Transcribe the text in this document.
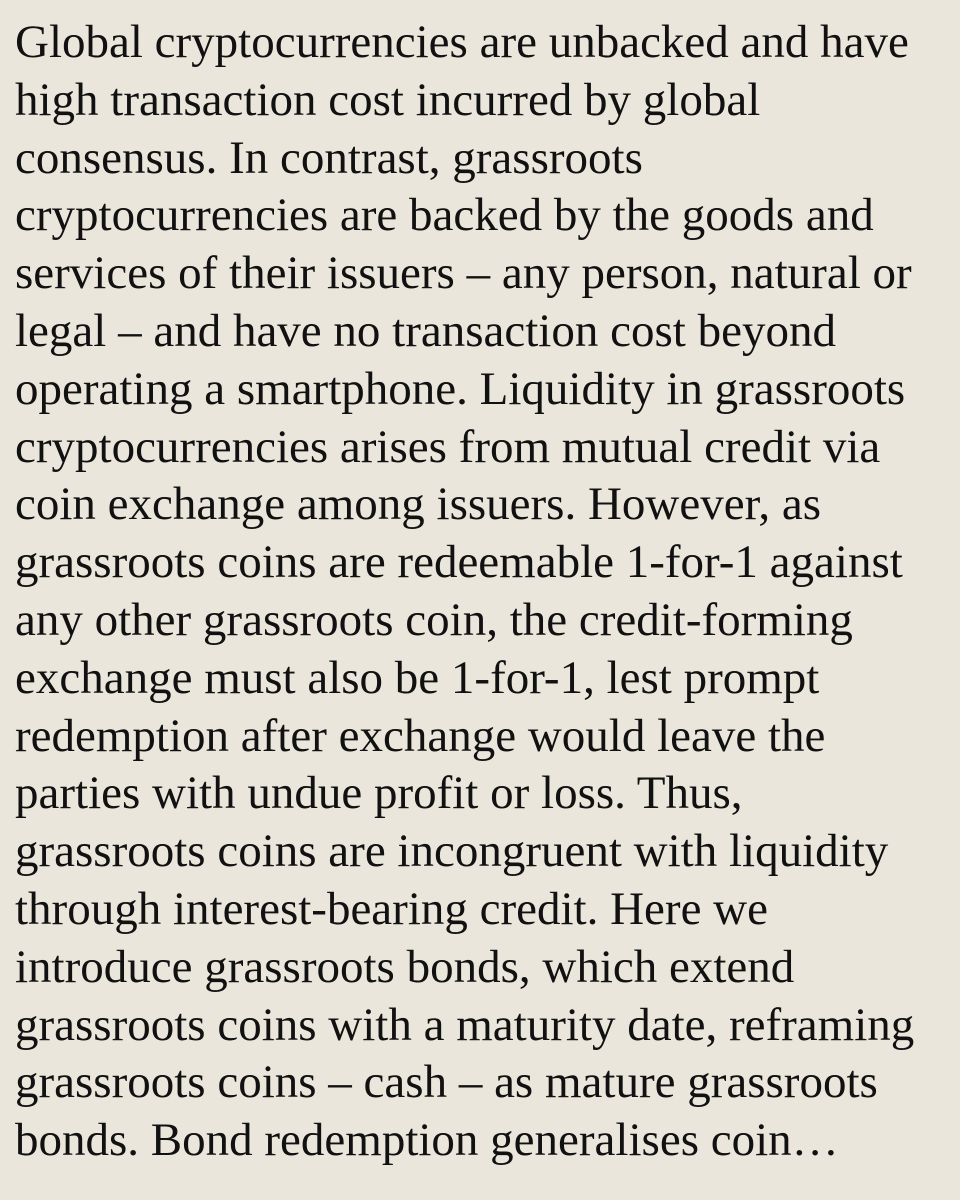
Global cryptocurrencies are unbacked and have
high transaction cost incurred by global
consensus. In contrast, grassroots
cryptocurrencies are backed by the goods and
services of their issuers – any person, natural or
legal – and have no transaction cost beyond
operating a smartphone. Liquidity in grassroots
cryptocurrencies arises from mutual credit via
coin exchange among issuers. However, as
grassroots coins are redeemable 1-for-1 against
any other grassroots coin, the credit-forming
exchange must also be 1-for-1, lest prompt
redemption after exchange would leave the
parties with undue profit or loss. Thus,
grassroots coins are incongruent with liquidity
through interest-bearing credit. Here we
introduce grassroots bonds, which extend
grassroots coins with a maturity date, reframing
grassroots coins – cash – as mature grassroots
bonds. Bond redemption generalises coin…
